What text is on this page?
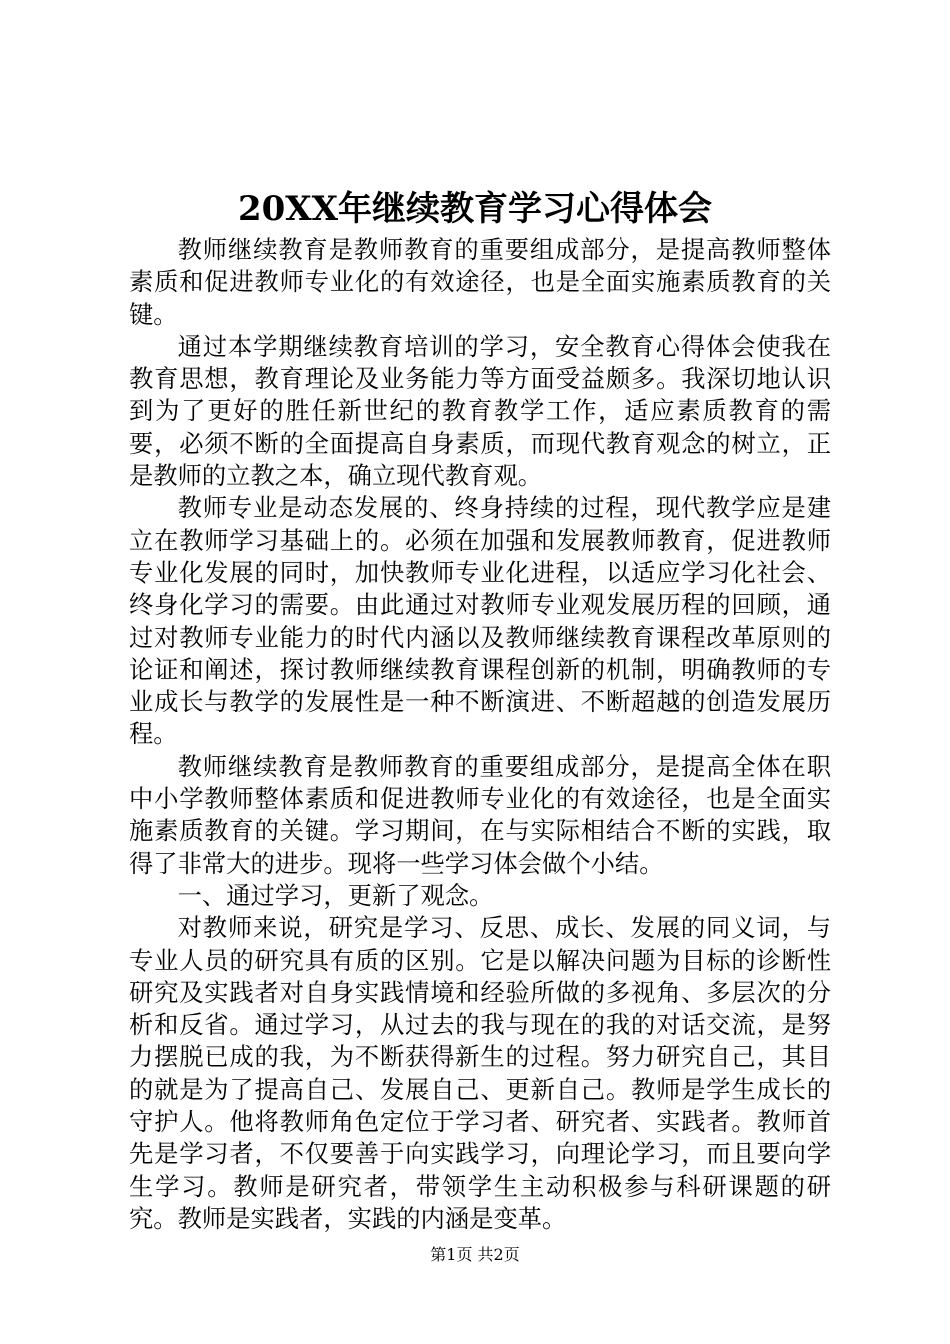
20XX年继续教育学习心得体会

教师继续教育是教师教育的重要组成部分，是提高教师整体素质和促进教师专业化的有效途径，也是全面实施素质教育的关键。

通过本学期继续教育培训的学习，安全教育心得体会使我在教育思想，教育理论及业务能力等方面受益颇多。我深切地认识到为了更好的胜任新世纪的教育教学工作，适应素质教育的需要，必须不断的全面提高自身素质，而现代教育观念的树立，正是教师的立教之本，确立现代教育观。

教师专业是动态发展的、终身持续的过程，现代教学应是建立在教师学习基础上的。必须在加强和发展教师教育，促进教师专业化发展的同时，加快教师专业化进程，以适应学习化社会、终身化学习的需要。由此通过对教师专业观发展历程的回顾，通过对教师专业能力的时代内涵以及教师继续教育课程改革原则的论证和阐述，探讨教师继续教育课程创新的机制，明确教师的专业成长与教学的发展性是一种不断演进、不断超越的创造发展历程。

教师继续教育是教师教育的重要组成部分，是提高全体在职中小学教师整体素质和促进教师专业化的有效途径，也是全面实施素质教育的关键。学习期间，在与实际相结合不断的实践，取得了非常大的进步。现将一些学习体会做个小结。

一、通过学习，更新了观念。

对教师来说，研究是学习、反思、成长、发展的同义词，与专业人员的研究具有质的区别。它是以解决问题为目标的诊断性研究及实践者对自身实践情境和经验所做的多视角、多层次的分析和反省。通过学习，从过去的我与现在的我的对话交流，是努力摆脱已成的我，为不断获得新生的过程。努力研究自己，其目的就是为了提高自己、发展自己、更新自己。教师是学生成长的守护人。他将教师角色定位于学习者、研究者、实践者。教师首先是学习者，不仅要善于向实践学习，向理论学习，而且要向学生学习。教师是研究者，带领学生主动积极参与科研课题的研究。教师是实践者，实践的内涵是变革。

第1页 共2页
